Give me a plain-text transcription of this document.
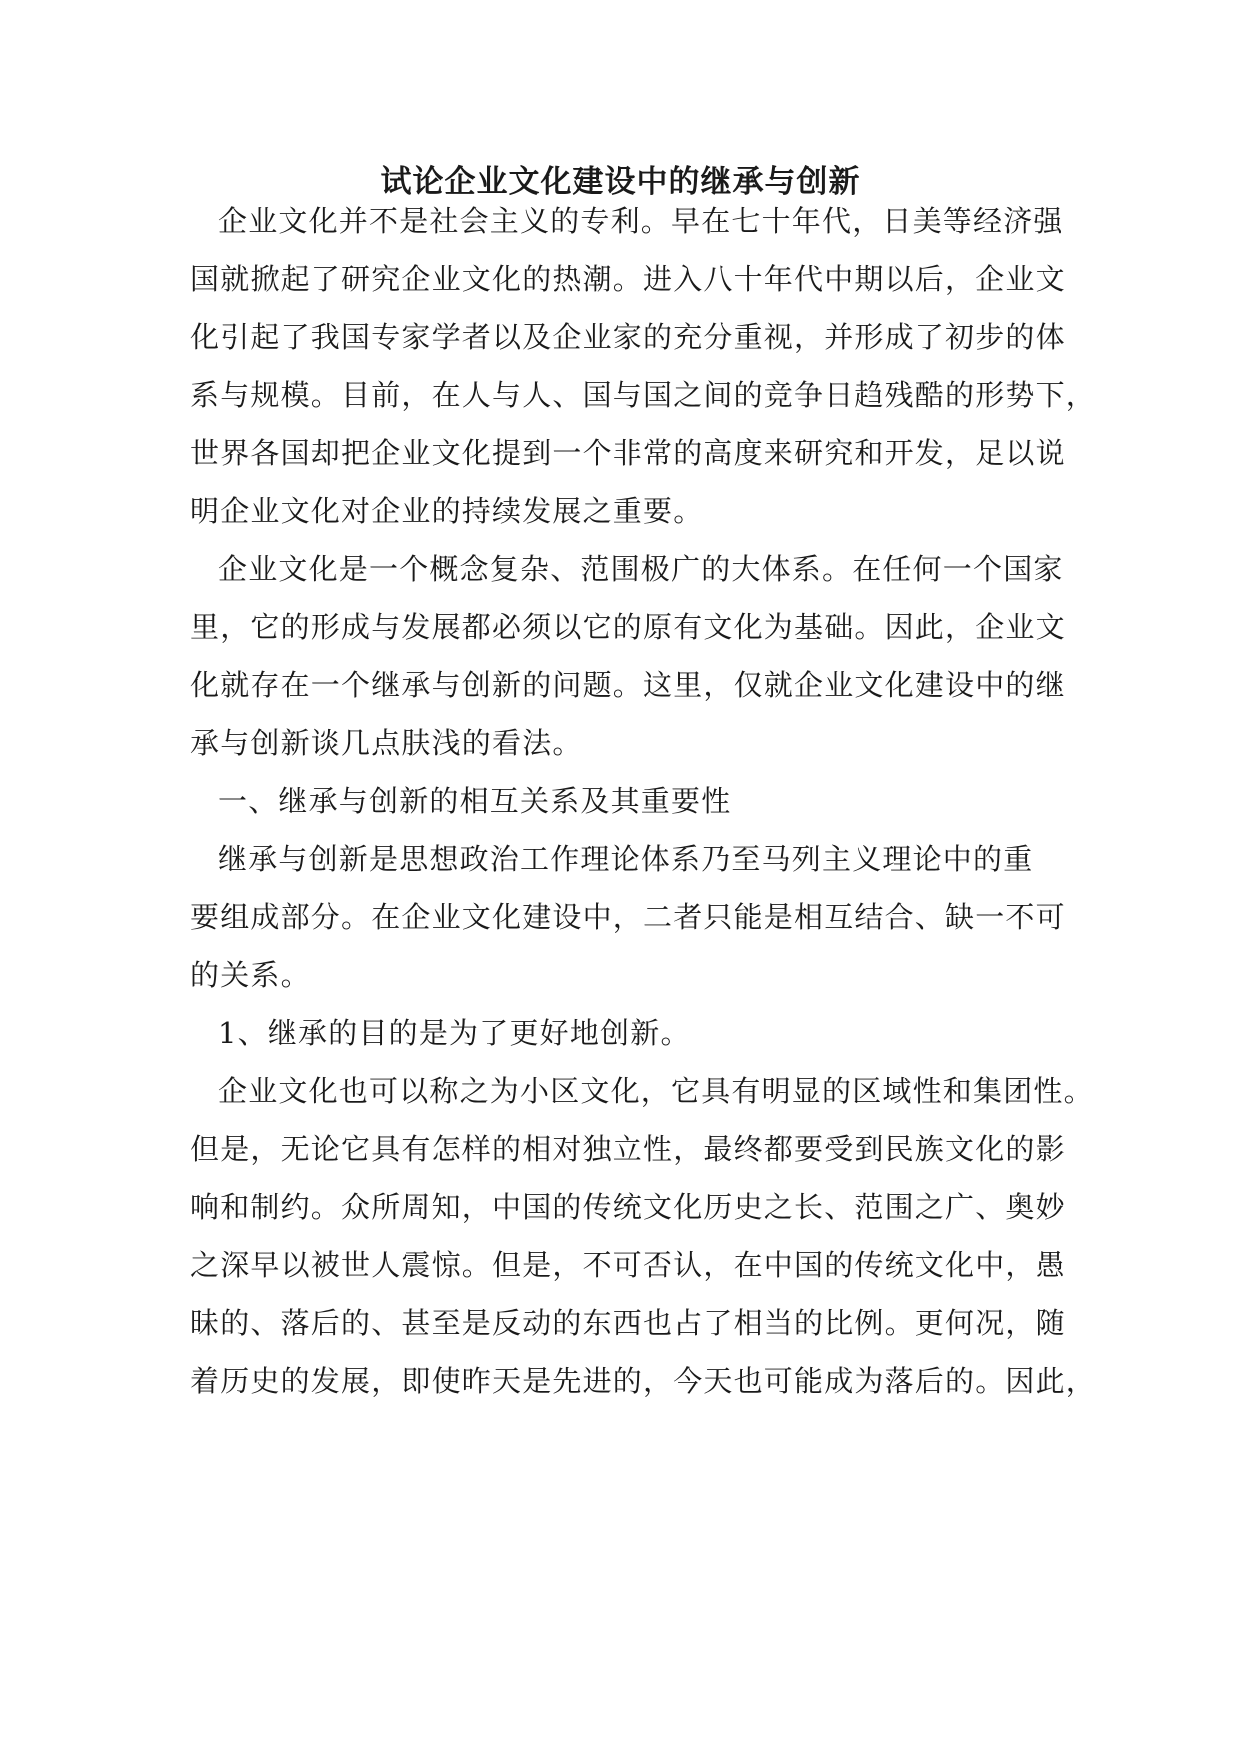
试论企业文化建设中的继承与创新
企业文化并不是社会主义的专利。早在七十年代，日美等经济强
国就掀起了研究企业文化的热潮。进入八十年代中期以后，企业文
化引起了我国专家学者以及企业家的充分重视，并形成了初步的体
系与规模。目前，在人与人、国与国之间的竞争日趋残酷的形势下，
世界各国却把企业文化提到一个非常的高度来研究和开发，足以说
明企业文化对企业的持续发展之重要。
企业文化是一个概念复杂、范围极广的大体系。在任何一个国家
里，它的形成与发展都必须以它的原有文化为基础。因此，企业文
化就存在一个继承与创新的问题。这里，仅就企业文化建设中的继
承与创新谈几点肤浅的看法。
一、继承与创新的相互关系及其重要性
继承与创新是思想政治工作理论体系乃至马列主义理论中的重
要组成部分。在企业文化建设中，二者只能是相互结合、缺一不可
的关系。
1、继承的目的是为了更好地创新。
企业文化也可以称之为小区文化，它具有明显的区域性和集团性。
但是，无论它具有怎样的相对独立性，最终都要受到民族文化的影
响和制约。众所周知，中国的传统文化历史之长、范围之广、奥妙
之深早以被世人震惊。但是，不可否认，在中国的传统文化中，愚
昧的、落后的、甚至是反动的东西也占了相当的比例。更何况，随
着历史的发展，即使昨天是先进的，今天也可能成为落后的。因此，
